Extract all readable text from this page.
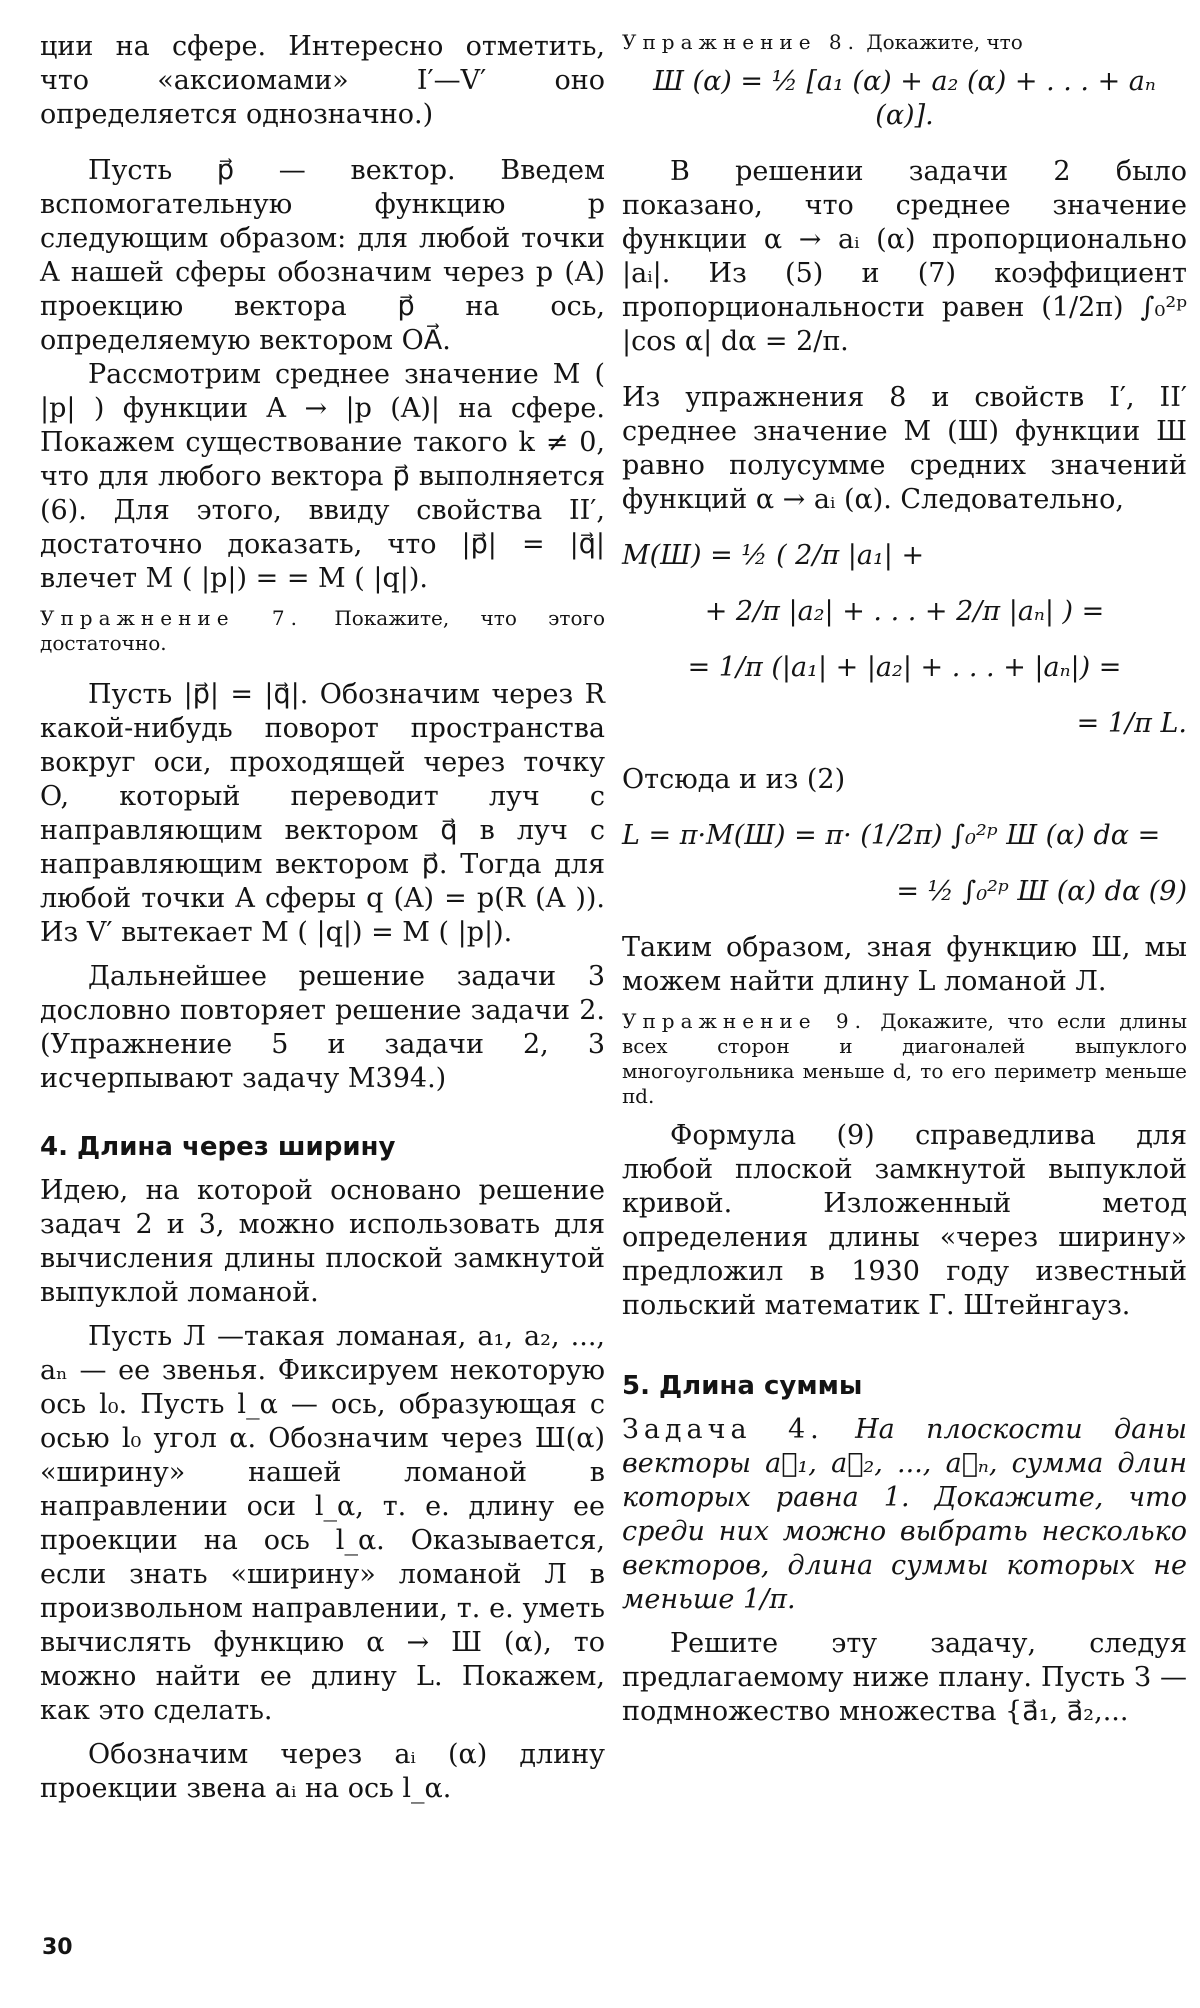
ции на сфере. Интересно отметить, что «аксиомами» I′—V′ оно определяется однозначно.)

Пусть p⃗ — вектор. Введем вспомогательную функцию p следующим образом: для любой точки A нашей сферы обозначим через p (A) проекцию вектора p⃗ на ось, определяемую вектором OA⃗.

Рассмотрим среднее значение M ( |p| ) функции A → |p (A)| на сфере. Покажем существование такого k ≠ 0, что для любого вектора p⃗ выполняется (6). Для этого, ввиду свойства II′, достаточно доказать, что |p⃗| = |q⃗| влечет M ( |p|) = = M ( |q|).

Упражнение 7. Покажите, что этого достаточно.

Пусть |p⃗| = |q⃗|. Обозначим через R какой-нибудь поворот пространства вокруг оси, проходящей через точку O, который переводит луч с направляющим вектором q⃗ в луч с направляющим вектором p⃗. Тогда для любой точки A сферы q (A) = p(R (A )). Из V′ вытекает M ( |q|) = M ( |p|).

Дальнейшее решение задачи 3 дословно повторяет решение задачи 2. (Упражнение 5 и задачи 2, 3 исчерпывают задачу М394.)

4. Длина через ширину

Идею, на которой основано решение задач 2 и 3, можно использовать для вычисления длины плоской замкнутой выпуклой ломаной.

Пусть Л —такая ломаная, a₁, a₂, ..., aₙ — ее звенья. Фиксируем некоторую ось l₀. Пусть l_α — ось, образующая с осью l₀ угол α. Обозначим через Ш(α) «ширину» нашей ломаной в направлении оси l_α, т. е. длину ее проекции на ось l_α. Оказывается, если знать «ширину» ломаной Л в произвольном направлении, т. е. уметь вычислять функцию α → Ш (α), то можно найти ее длину L. Покажем, как это сделать.

Обозначим через aᵢ (α) длину проекции звена aᵢ на ось l_α.

Упражнение 8. Докажите, что

Ш (α) = ½ [a₁ (α) + a₂ (α) + . . . + aₙ (α)].

В решении задачи 2 было показано, что среднее значение функции α → aᵢ (α) пропорционально |aᵢ|. Из (5) и (7) коэффициент пропорциональности равен (1/2π) ∫₀²ᵖ |cos α| dα = 2/π.

Из упражнения 8 и свойств I′, II′ среднее значение M (Ш) функции Ш равно полусумме средних значений функций α → aᵢ (α). Следовательно,

M(Ш) = ½ ( 2/π |a₁| +

+ 2/π |a₂| + . . . + 2/π |aₙ| ) =

= 1/π (|a₁| + |a₂| + . . . + |aₙ|) =

= 1/π L.

Отсюда и из (2)

L = π·M(Ш) = π· (1/2π) ∫₀²ᵖ Ш (α) dα =

= ½ ∫₀²ᵖ Ш (α) dα (9)

Таким образом, зная функцию Ш, мы можем найти длину L ломаной Л.

Упражнение 9. Докажите, что если длины всех сторон и диагоналей выпуклого многоугольника меньше d, то его периметр меньше πd.

Формула (9) справедлива для любой плоской замкнутой выпуклой кривой. Изложенный метод определения длины «через ширину» предложил в 1930 году известный польский математик Г. Штейнгауз.

5. Длина суммы

Задача 4. На плоскости даны векторы a⃗₁, a⃗₂, ..., a⃗ₙ, сумма длин которых равна 1. Докажите, что среди них можно выбрать несколько векторов, длина суммы которых не меньше 1/π.

Решите эту задачу, следуя предлагаемому ниже плану. Пусть З — подмножество множества {a⃗₁, a⃗₂,...

30
